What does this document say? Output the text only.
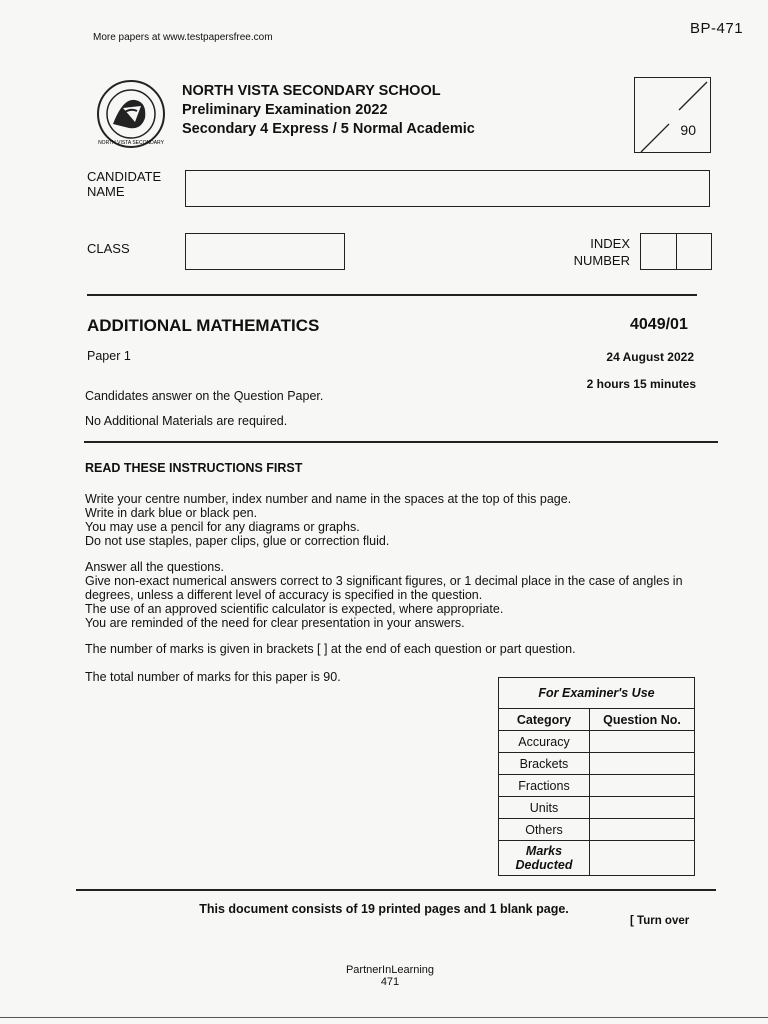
More papers at www.testpapersfree.com
BP-471
NORTH VISTA SECONDARY
NORTH VISTA SECONDARY SCHOOL
Preliminary Examination 2022
Secondary 4 Express / 5 Normal Academic	90
CANDIDATE
NAME
CLASS	INDEX
NUMBER
ADDITIONAL MATHEMATICS	4049/01
Paper 1	24 August 2022
2 hours 15 minutes
Candidates answer on the Question Paper.
No Additional Materials are required.
READ THESE INSTRUCTIONS FIRST
Write your centre number, index number and name in the spaces at the top of this page.
Write in dark blue or black pen.
You may use a pencil for any diagrams or graphs.
Do not use staples, paper clips, glue or correction fluid.
Answer all the questions.
Give non-exact numerical answers correct to 3 significant figures, or 1 decimal place in the case of angles in
degrees, unless a different level of accuracy is specified in the question.
The use of an approved scientific calculator is expected, where appropriate.
You are reminded of the need for clear presentation in your answers.
The number of marks is given in brackets [ ] at the end of each question or part question.
The total number of marks for this paper is 90.
For Examiner's Use	
Category	Question No.
Accuracy	
Brackets	
Fractions	
Units	
Others	

Marks
Deducted	

This document consists of 19 printed pages and 1 blank page.
[ Turn over
PartnerInLearning
471
